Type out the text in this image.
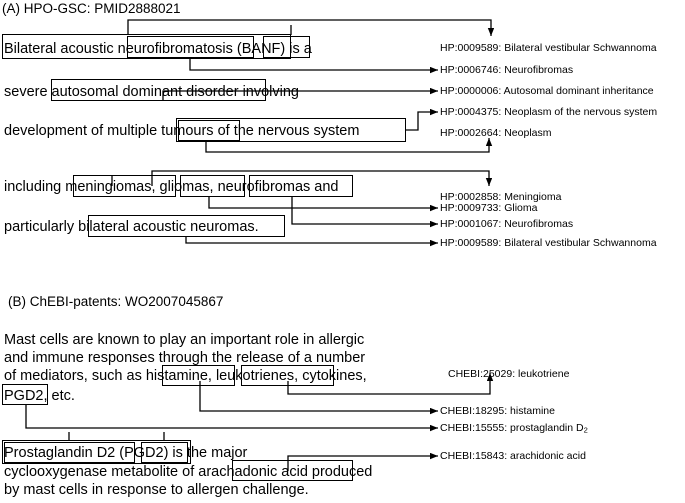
(A) HPO-GSC: PMID2888021
Bilateral acoustic neurofibromatosis (BANF) is a
severe autosomal dominant disorder involving
development of multiple tumours of the nervous system
including meningiomas, gliomas, neurofibromas and
particularly bilateral acoustic neuromas.
HP:0009589: Bilateral vestibular Schwannoma
HP:0006746: Neurofibromas
HP:0000006: Autosomal dominant inheritance
HP:0004375: Neoplasm of the nervous system
HP:0002664: Neoplasm
HP:0002858: Meningioma
HP:0009733: Glioma
HP:0001067: Neurofibromas
HP:0009589: Bilateral vestibular Schwannoma
(B) ChEBI-patents: WO2007045867
Mast cells are known to play an important role in allergic
and immune responses through the release of a number
of mediators, such as histamine, leukotrienes, cytokines,
PGD2, etc.
Prostaglandin D2 (PGD2) is the major
cyclooxygenase metabolite of arachadonic acid produced
by mast cells in response to allergen challenge.
CHEBI:25029: leukotriene
CHEBI:18295: histamine
CHEBI:15555: prostaglandin $D_2$
CHEBI:15843: arachidonic acid
